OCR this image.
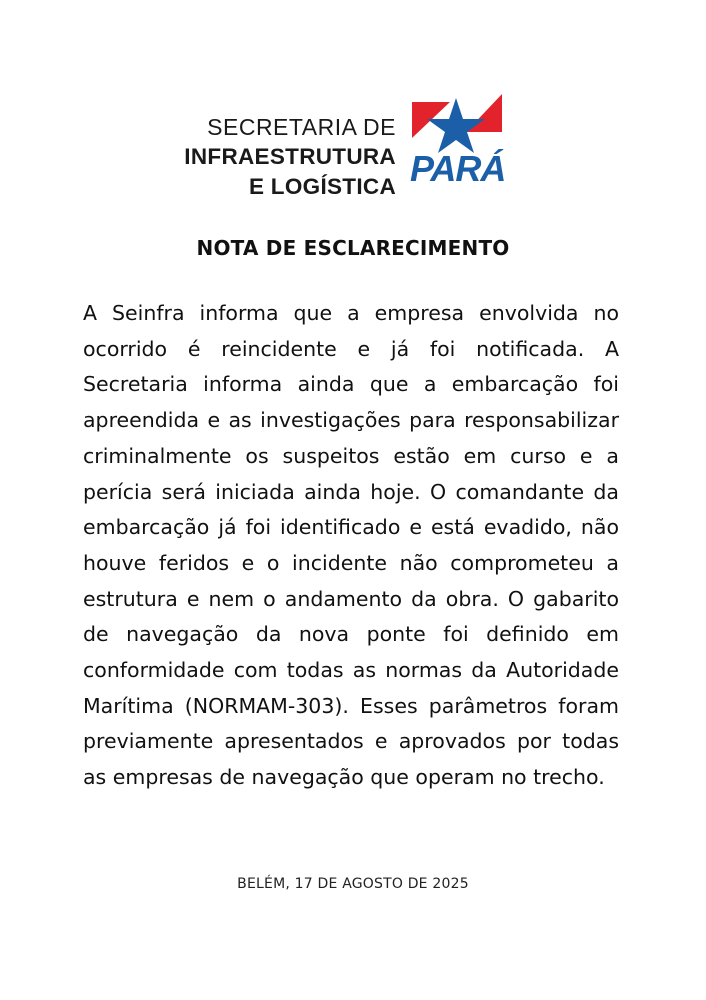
SECRETARIA DE
INFRAESTRUTURA
E LOGÍSTICA PARÁ
NOTA DE ESCLARECIMENTO

A Seinfra informa que a empresa envolvida no ocorrido é reincidente e já foi notificada. A Secretaria informa ainda que a embarcação foi apreendida e as investigações para responsabilizar criminalmente os suspeitos estão em curso e a perícia será iniciada ainda hoje. O comandante da embarcação já foi identificado e está evadido, não houve feridos e o incidente não comprometeu a estrutura e nem o andamento da obra. O gabarito de navegação da nova ponte foi definido em conformidade com todas as normas da Autoridade Marítima (NORMAM-303). Esses parâmetros foram previamente apresentados e aprovados por todas as empresas de navegação que operam no trecho.

BELÉM, 17 DE AGOSTO DE 2025
